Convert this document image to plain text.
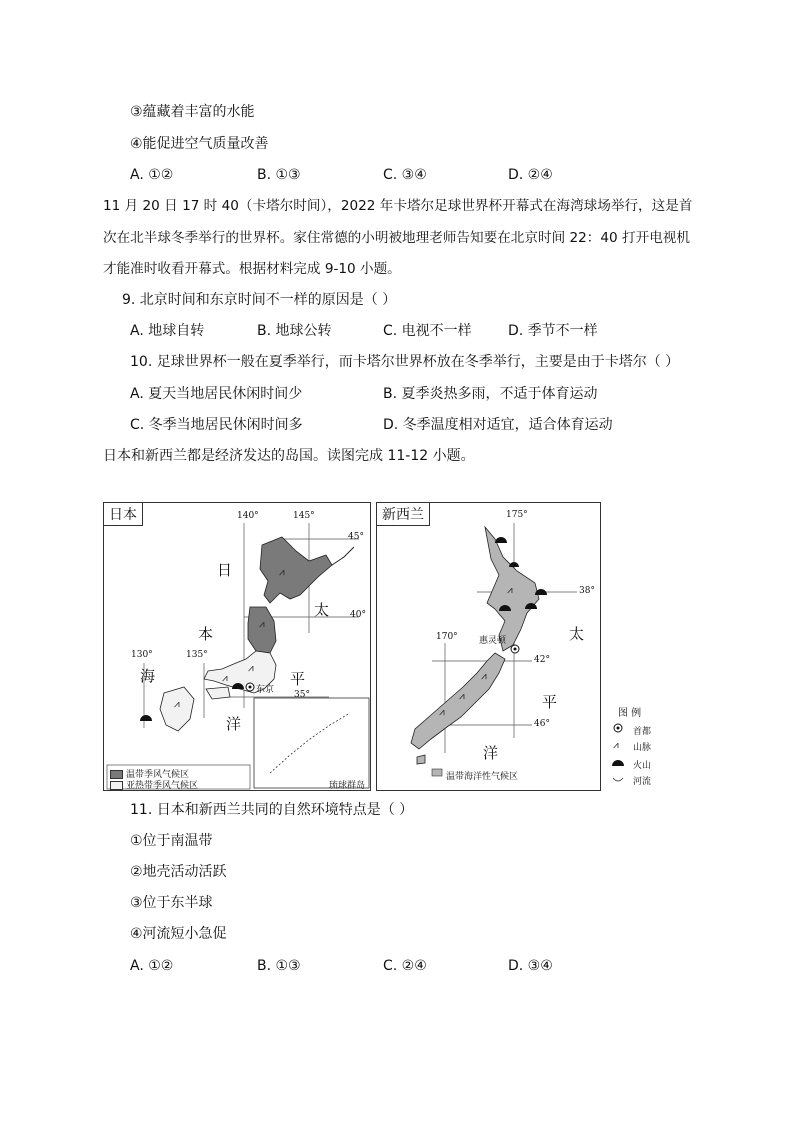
③蕴藏着丰富的水能
④能促进空气质量改善
A. ①②	B. ①③	C. ③④	D. ②④
11 月 20 日 17 时 40（卡塔尔时间），2022 年卡塔尔足球世界杯开幕式在海湾球场举行，这是首
次在北半球冬季举行的世界杯。家住常德的小明被地理老师告知要在北京时间 22：40 打开电视机
才能准时收看开幕式。根据材料完成 9-10 小题。
9. 北京时间和东京时间不一样的原因是（ ）
A. 地球自转	B. 地球公转	C. 电视不一样	D. 季节不一样
10. 足球世界杯一般在夏季举行，而卡塔尔世界杯放在冬季举行，主要是由于卡塔尔（ ）
A. 夏天当地居民休闲时间少	B. 夏季炎热多雨，不适于体育运动
C. 冬季当地居民休闲时间多	D. 冬季温度相对适宜，适合体育运动
日本和新西兰都是经济发达的岛国。读图完成 11-12 小题。
⩘
⩘
⩘
⩘
⩘
日本
日
本
海
太
平
洋
140°	145°
130°	135°
45°
40°
35°
东京
琉球群岛
温带季风气候区
亚热带季风气候区
⩘
⩘
⩘
⩘
新西兰
太
平
洋
175°
170°
38°
42°
46°
惠灵顿
温带海洋性气候区
图 例
⩘
首都
山脉
火山
河流
11. 日本和新西兰共同的自然环境特点是（ ）
①位于南温带
②地壳活动活跃
③位于东半球
④河流短小急促
A. ①②	B. ①③	C. ②④	D. ③④
